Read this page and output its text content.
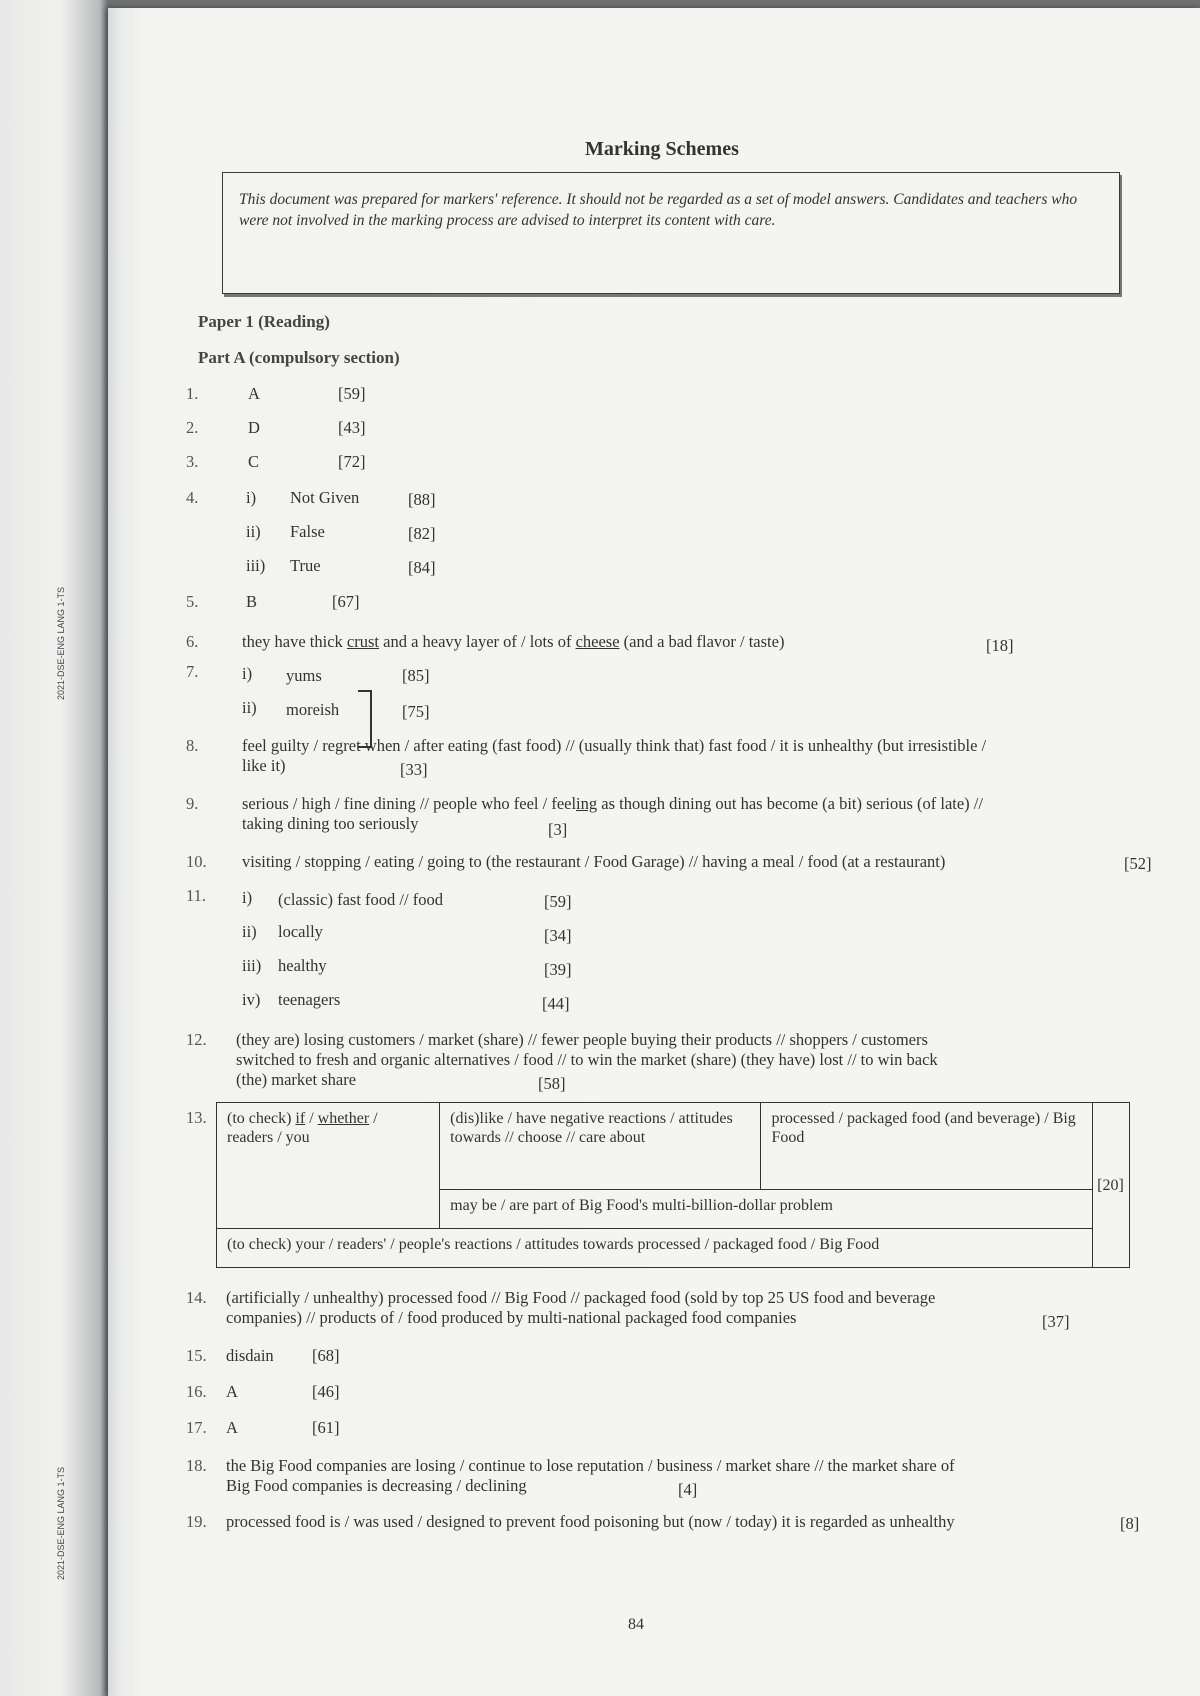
2021-DSE-ENG LANG 1-TS
2021-DSE-ENG LANG 1-TS
Marking Schemes
This document was prepared for markers' reference. It should not be regarded as a set of model answers. Candidates and teachers who were not involved in the marking process are advised to interpret its content with care.
Paper 1 (Reading)
Part A (compulsory section)
1.	A	[59]
2.	D	[43]
3.	C	[72]
4.	i) Not Given	[88]
ii) False	[82]
iii) True	[84]
5.	B	[67]
6.	they have thick crust and a heavy layer of / lots of cheese (and a bad flavor / taste)	[18]
7.	i) yums	[85]
ii) moreish	[75]
8.	feel guilty / regret when / after eating (fast food) // (usually think that) fast food / it is unhealthy (but irresistible /
like it)	[33]
9.	serious / high / fine dining // people who feel / feeling as though dining out has become (a bit) serious (of late) //
taking dining too seriously	[3]
10.	visiting / stopping / eating / going to (the restaurant / Food Garage) // having a meal / food (at a restaurant)	[52]
11.	i) (classic) fast food // food	[59]
ii) locally	[34]
iii) healthy	[39]
iv) teenagers	[44]
12.	(they are) losing customers / market (share) // fewer people buying their products // shoppers / customers
switched to fresh and organic alternatives / food // to win the market (share) (they have) lost // to win back
(the) market share	[58]
13.	(to check) if / whether /
readers / you	(dis)like / have negative reactions / attitudes towards // choose // care about	processed / packaged food (and beverage) / Big Food	[20]
may be / are part of Big Food's multi-billion-dollar problem
(to check) your / readers' / people's reactions / attitudes towards processed / packaged food / Big Food
14.	(artificially / unhealthy) processed food // Big Food // packaged food (sold by top 25 US food and beverage
companies) // products of / food produced by multi-national packaged food companies	[37]
15.	disdain [68]
16.	A	[46]
17.	A	[61]
18.	the Big Food companies are losing / continue to lose reputation / business / market share // the market share of
Big Food companies is decreasing / declining	[4]
19.	processed food is / was used / designed to prevent food poisoning but (now / today) it is regarded as unhealthy	[8]
84
